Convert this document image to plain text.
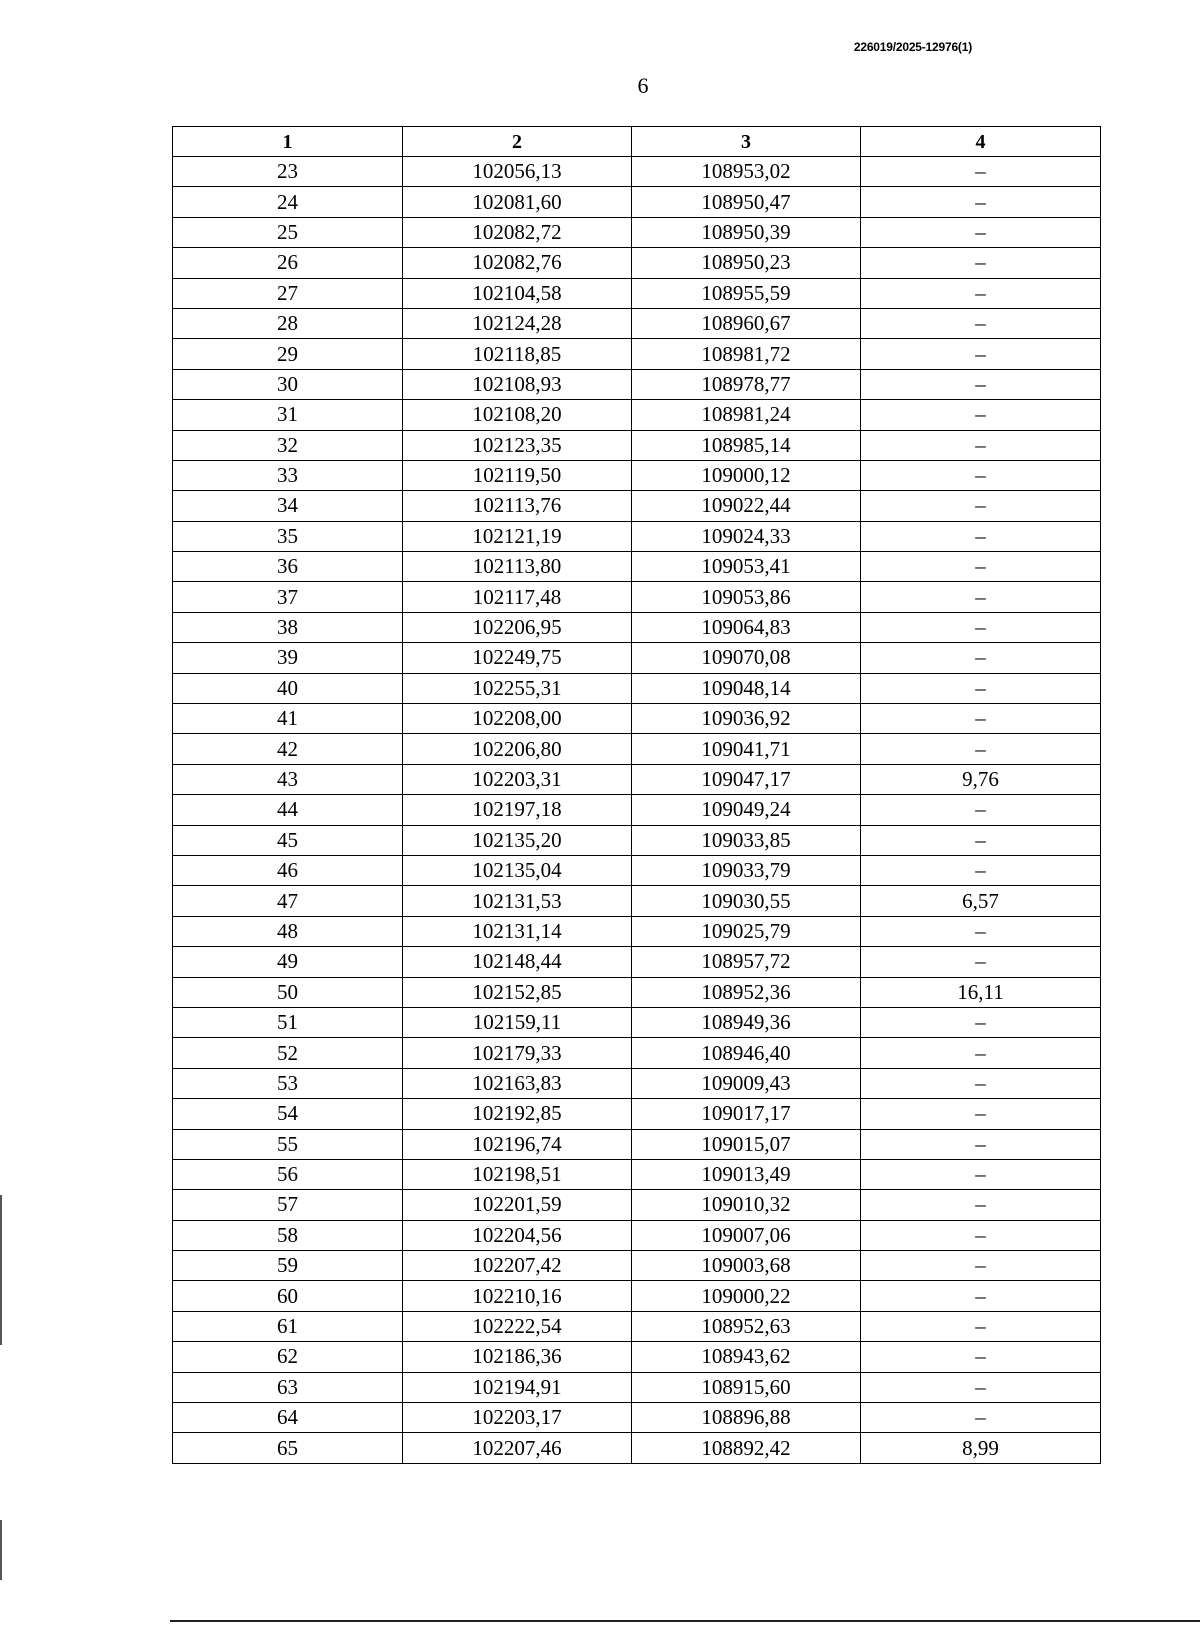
226019/2025-12976(1)
6
1	2	3	4
23	102056,13	108953,02	–
24	102081,60	108950,47	–
25	102082,72	108950,39	–
26	102082,76	108950,23	–
27	102104,58	108955,59	–
28	102124,28	108960,67	–
29	102118,85	108981,72	–
30	102108,93	108978,77	–
31	102108,20	108981,24	–
32	102123,35	108985,14	–
33	102119,50	109000,12	–
34	102113,76	109022,44	–
35	102121,19	109024,33	–
36	102113,80	109053,41	–
37	102117,48	109053,86	–
38	102206,95	109064,83	–
39	102249,75	109070,08	–
40	102255,31	109048,14	–
41	102208,00	109036,92	–
42	102206,80	109041,71	–
43	102203,31	109047,17	9,76
44	102197,18	109049,24	–
45	102135,20	109033,85	–
46	102135,04	109033,79	–
47	102131,53	109030,55	6,57
48	102131,14	109025,79	–
49	102148,44	108957,72	–
50	102152,85	108952,36	16,11
51	102159,11	108949,36	–
52	102179,33	108946,40	–
53	102163,83	109009,43	–
54	102192,85	109017,17	–
55	102196,74	109015,07	–
56	102198,51	109013,49	–
57	102201,59	109010,32	–
58	102204,56	109007,06	–
59	102207,42	109003,68	–
60	102210,16	109000,22	–
61	102222,54	108952,63	–
62	102186,36	108943,62	–
63	102194,91	108915,60	–
64	102203,17	108896,88	–
65	102207,46	108892,42	8,99
